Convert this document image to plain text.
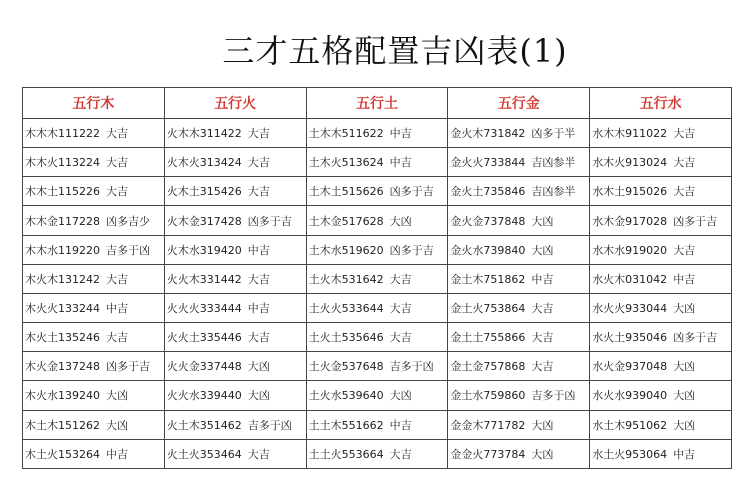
三才五格配置吉凶表(1)
五行木	五行火	五行土	五行金	五行水
木木木111222 大吉	火木木311422 大吉	土木木511622 中吉	金火木731842 凶多于半	水木木911022 大吉
木木火113224 大吉	火木火313424 大吉	土木火513624 中吉	金火火733844 吉凶参半	水木火913024 大吉
木木土115226 大吉	火木土315426 大吉	土木土515626 凶多于吉	金火土735846 吉凶参半	水木土915026 大吉
木木金117228 凶多吉少	火木金317428 凶多于吉	土木金517628 大凶	金火金737848 大凶	水木金917028 凶多于吉
木木水119220 吉多于凶	火木水319420 中吉	土木水519620 凶多于吉	金火水739840 大凶	水木水919020 大吉
木火木131242 大吉	火火木331442 大吉	土火木531642 大吉	金土木751862 中吉	水火木031042 中吉
木火火133244 中吉	火火火333444 中吉	土火火533644 大吉	金土火753864 大吉	水火火933044 大凶
木火土135246 大吉	火火土335446 大吉	土火土535646 大吉	金土土755866 大吉	水火土935046 凶多于吉
木火金137248 凶多于吉	火火金337448 大凶	土火金537648 吉多于凶	金土金757868 大吉	水火金937048 大凶
木火水139240 大凶	火火水339440 大凶	土火水539640 大凶	金土水759860 吉多于凶	水火水939040 大凶
木土木151262 大凶	火土木351462 吉多于凶	土土木551662 中吉	金金木771782 大凶	水土木951062 大凶
木土火153264 中吉	火土火353464 大吉	土土火553664 大吉	金金火773784 大凶	水土火953064 中吉
